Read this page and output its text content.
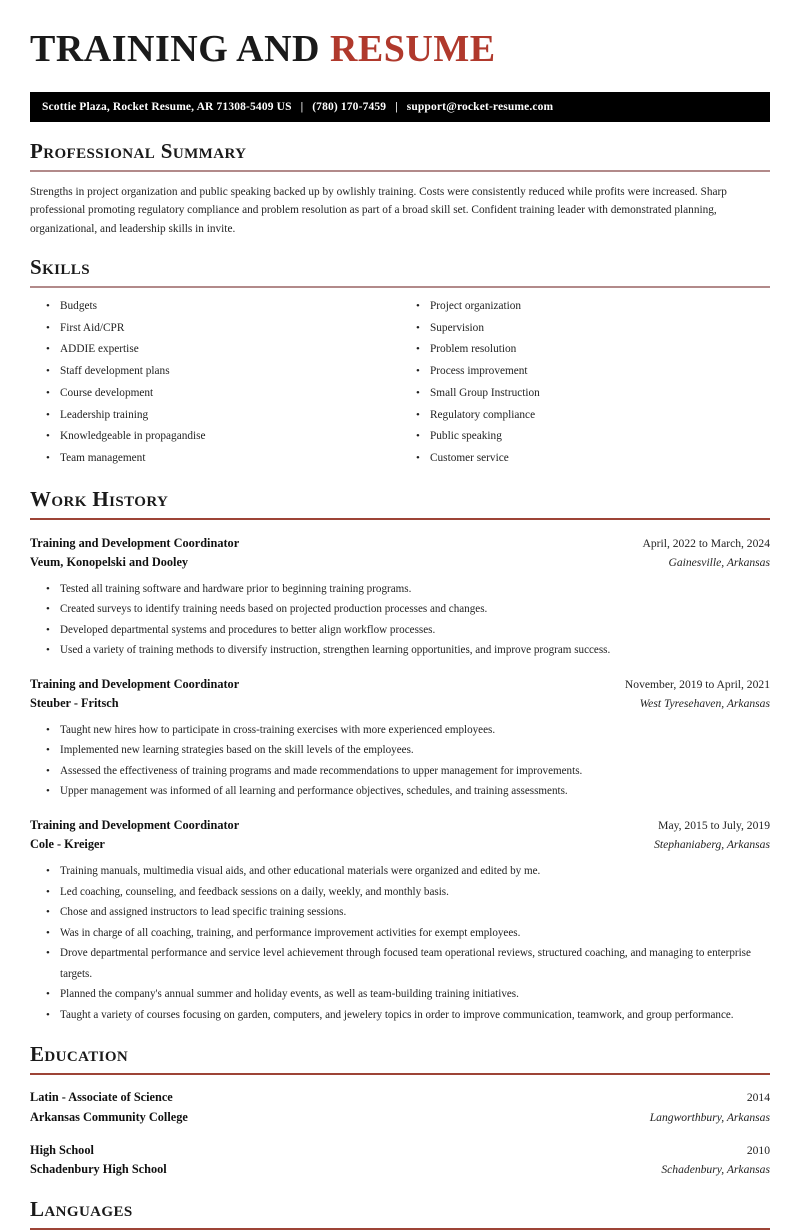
TRAINING AND RESUME
Scottie Plaza, Rocket Resume, AR 71308-5409 US | (780) 170-7459 | support@rocket-resume.com
Professional Summary
Strengths in project organization and public speaking backed up by owlishly training. Costs were consistently reduced while profits were increased. Sharp professional promoting regulatory compliance and problem resolution as part of a broad skill set. Confident training leader with demonstrated planning, organizational, and leadership skills in invite.
Skills
• Budgets
• First Aid/CPR
• ADDIE expertise
• Staff development plans
• Course development
• Leadership training
• Knowledgeable in propagandise
• Team management
• Project organization
• Supervision
• Problem resolution
• Process improvement
• Small Group Instruction
• Regulatory compliance
• Public speaking
• Customer service
Work History
Training and Development Coordinator	April, 2022 to March, 2024
Veum, Konopelski and Dooley	Gainesville, Arkansas
• Tested all training software and hardware prior to beginning training programs.
• Created surveys to identify training needs based on projected production processes and changes.
• Developed departmental systems and procedures to better align workflow processes.
• Used a variety of training methods to diversify instruction, strengthen learning opportunities, and improve program success.
Training and Development Coordinator	November, 2019 to April, 2021
Steuber - Fritsch	West Tyresehaven, Arkansas
• Taught new hires how to participate in cross-training exercises with more experienced employees.
• Implemented new learning strategies based on the skill levels of the employees.
• Assessed the effectiveness of training programs and made recommendations to upper management for improvements.
• Upper management was informed of all learning and performance objectives, schedules, and training assessments.
Training and Development Coordinator	May, 2015 to July, 2019
Cole - Kreiger	Stephaniaberg, Arkansas
• Training manuals, multimedia visual aids, and other educational materials were organized and edited by me.
• Led coaching, counseling, and feedback sessions on a daily, weekly, and monthly basis.
• Chose and assigned instructors to lead specific training sessions.
• Was in charge of all coaching, training, and performance improvement activities for exempt employees.
• Drove departmental performance and service level achievement through focused team operational reviews, structured coaching, and managing to enterprise targets.
• Planned the company's annual summer and holiday events, as well as team-building training initiatives.
• Taught a variety of courses focusing on garden, computers, and jewelery topics in order to improve communication, teamwork, and group performance.
Education
Latin - Associate of Science	2014
Arkansas Community College	Langworthbury, Arkansas
High School	2010
Schadenbury High School	Schadenbury, Arkansas
Languages
